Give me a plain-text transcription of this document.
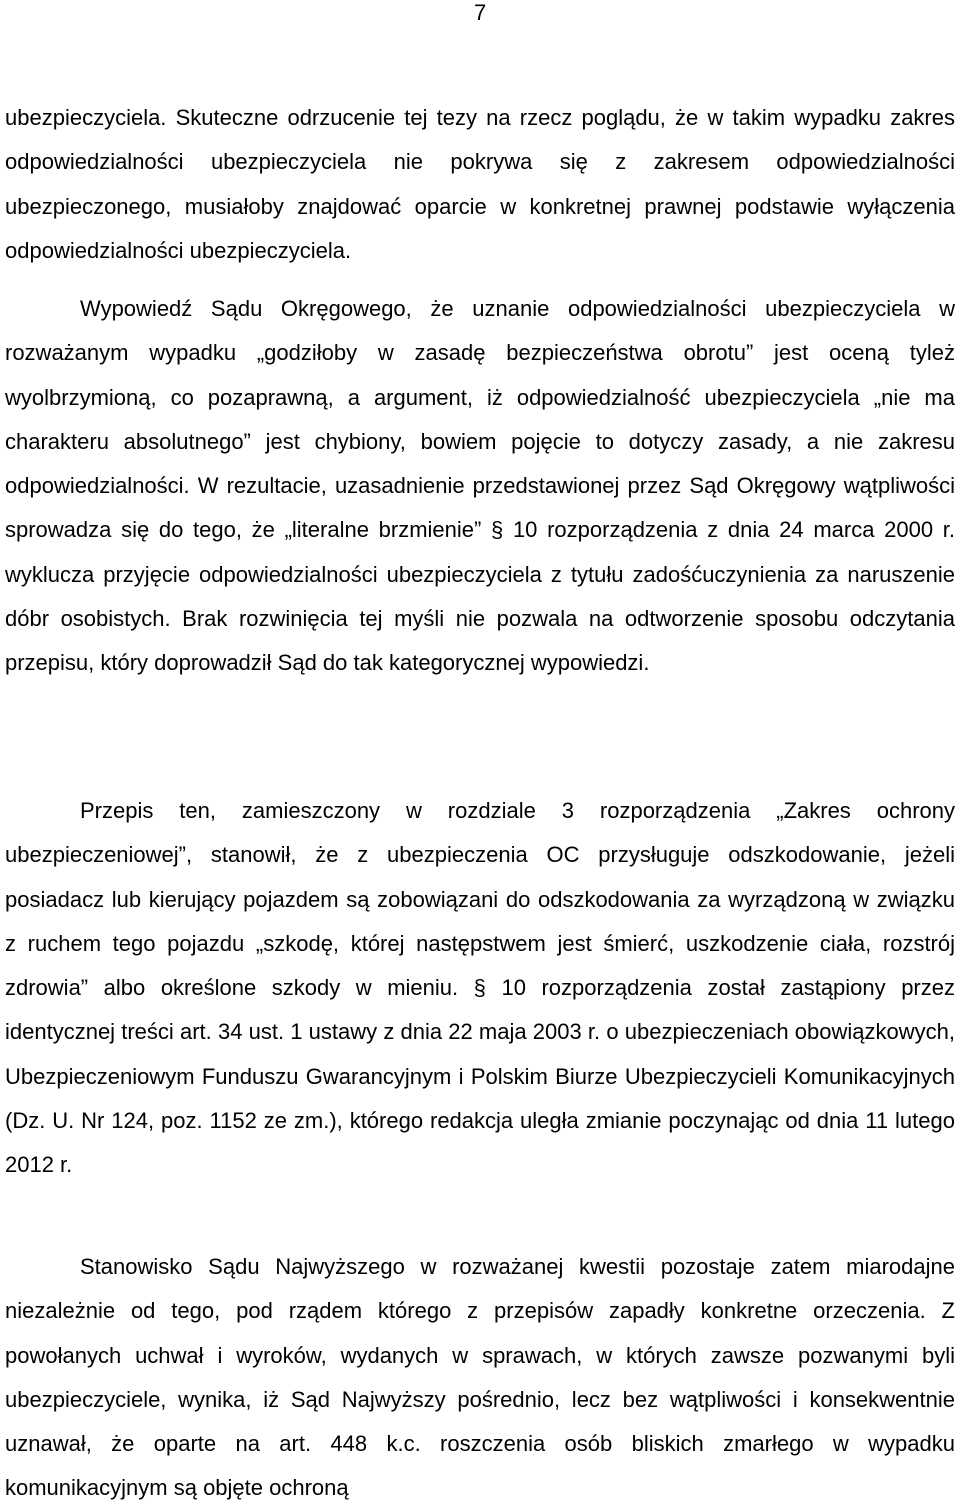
7
ubezpieczyciela. Skuteczne odrzucenie tej tezy na rzecz poglądu, że w takim wypadku zakres odpowiedzialności ubezpieczyciela nie pokrywa się z zakresem odpowiedzialności ubezpieczonego, musiałoby znajdować oparcie w konkretnej prawnej podstawie wyłączenia odpowiedzialności ubezpieczyciela.
Wypowiedź Sądu Okręgowego, że uznanie odpowiedzialności ubezpieczyciela w rozważanym wypadku „godziłoby w zasadę bezpieczeństwa obrotu” jest oceną tyleż wyolbrzymioną, co pozaprawną, a argument, iż odpowiedzialność ubezpieczyciela „nie ma charakteru absolutnego” jest chybiony, bowiem pojęcie to dotyczy zasady, a nie zakresu odpowiedzialności. W rezultacie, uzasadnienie przedstawionej przez Sąd Okręgowy wątpliwości sprowadza się do tego, że „literalne brzmienie” § 10 rozporządzenia z dnia 24 marca 2000 r. wyklucza przyjęcie odpowiedzialności ubezpieczyciela z tytułu zadośćuczynienia za naruszenie dóbr osobistych. Brak rozwinięcia tej myśli nie pozwala na odtworzenie sposobu odczytania przepisu, który doprowadził Sąd do tak kategorycznej wypowiedzi.
Przepis ten, zamieszczony w rozdziale 3 rozporządzenia „Zakres ochrony ubezpieczeniowej”, stanowił, że z ubezpieczenia OC przysługuje odszkodowanie, jeżeli posiadacz lub kierujący pojazdem są zobowiązani do odszkodowania za wyrządzoną w związku z ruchem tego pojazdu „szkodę, której następstwem jest śmierć, uszkodzenie ciała, rozstrój zdrowia” albo określone szkody w mieniu. § 10 rozporządzenia został zastąpiony przez identycznej treści art. 34 ust. 1 ustawy z dnia 22 maja 2003 r. o ubezpieczeniach obowiązkowych, Ubezpieczeniowym Funduszu Gwarancyjnym i Polskim Biurze Ubezpieczycieli Komunikacyjnych (Dz. U. Nr 124, poz. 1152 ze zm.), którego redakcja uległa zmianie poczynając od dnia 11 lutego 2012 r.
Stanowisko Sądu Najwyższego w rozważanej kwestii pozostaje zatem miarodajne niezależnie od tego, pod rządem którego z przepisów zapadły konkretne orzeczenia. Z powołanych uchwał i wyroków, wydanych w sprawach, w których zawsze pozwanymi byli ubezpieczyciele, wynika, iż Sąd Najwyższy pośrednio, lecz bez wątpliwości i konsekwentnie uznawał, że oparte na art. 448 k.c. roszczenia osób bliskich zmarłego w wypadku komunikacyjnym są objęte ochroną
